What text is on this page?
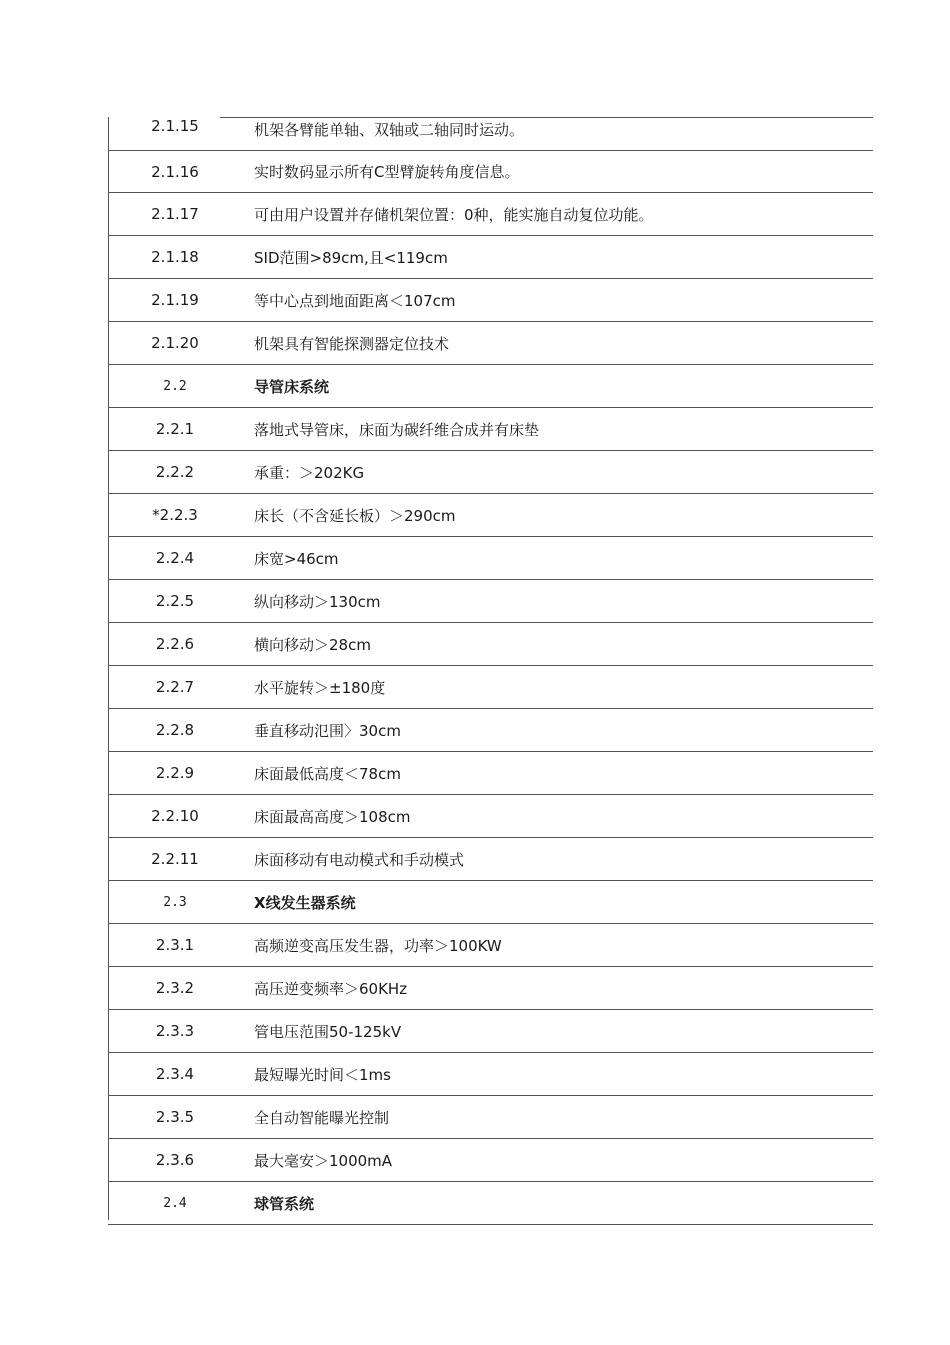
2.1.15	机架各臂能单轴、双轴或二轴同时运动。
2.1.16	实时数码显示所有C型臂旋转角度信息。
2.1.17	可由用户设置并存储机架位置：0种，能实施自动复位功能。
2.1.18	SID范围>89cm,且<119cm
2.1.19	等中心点到地面距离＜107cm
2.1.20	机架具有智能探测器定位技术
2.2	导管床系统
2.2.1	落地式导管床，床面为碳纤维合成并有床垫
2.2.2	承重：＞202KG
*2.2.3	床长（不含延长板）＞290cm
2.2.4	床宽>46cm
2.2.5	纵向移动＞130cm
2.2.6	横向移动＞28cm
2.2.7	水平旋转＞±180度
2.2.8	垂直移动氾围〉30cm
2.2.9	床面最低高度＜78cm
2.2.10	床面最高高度＞108cm
2.2.11	床面移动有电动模式和手动模式
2.3	X线发生器系统
2.3.1	高频逆变高压发生器，功率＞100KW
2.3.2	高压逆变频率＞60KHz
2.3.3	管电压范围50-125kV
2.3.4	最短曝光时间＜1ms
2.3.5	全自动智能曝光控制
2.3.6	最大毫安＞1000mA
2.4	球管系统
